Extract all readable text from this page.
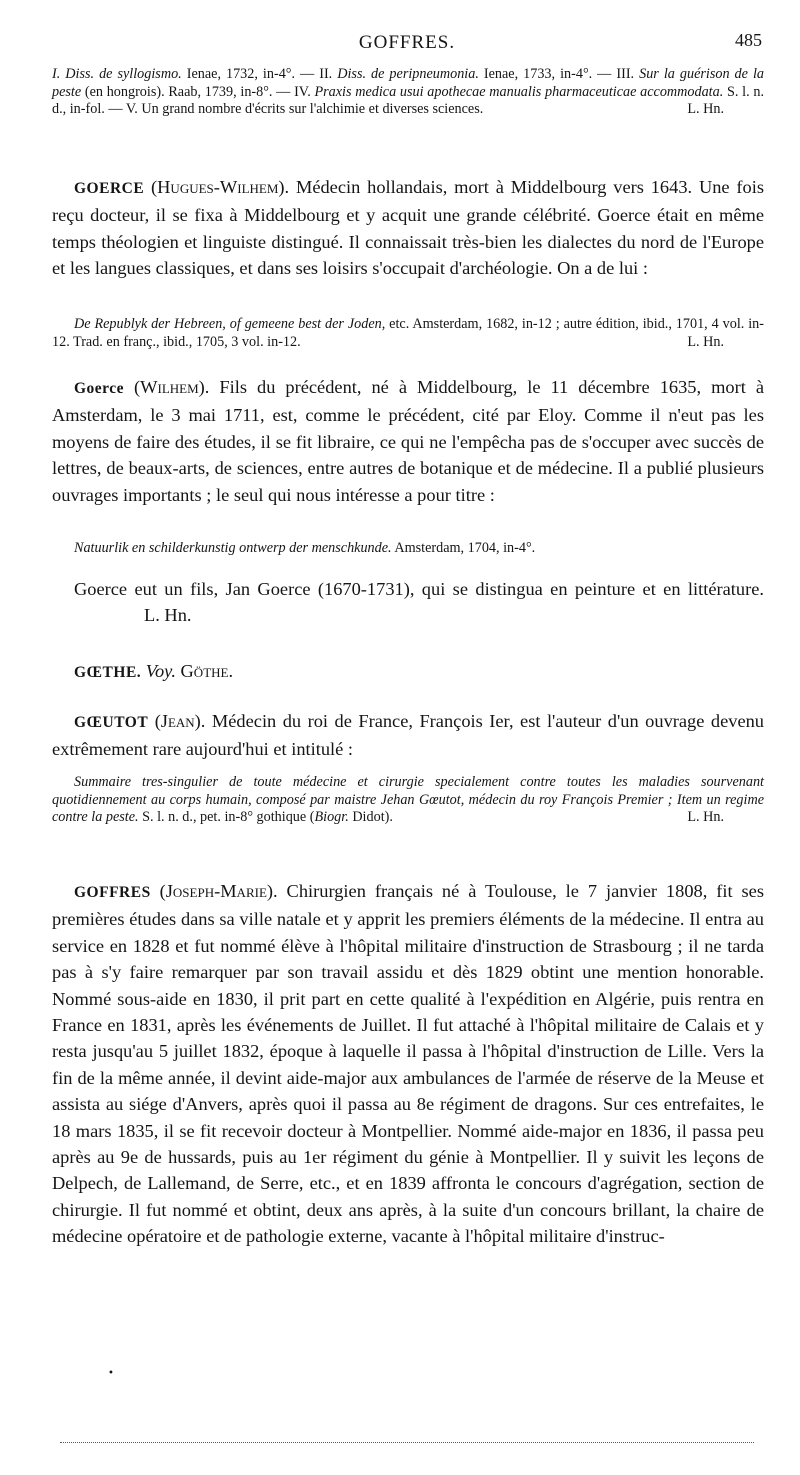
GOFFRES.	485
I. Diss. de syllogismo. Ienae, 1732, in-4°. — II. Diss. de peripneumonia. Ienae, 1733, in-4°. — III. Sur la guérison de la peste (en hongrois). Raab, 1739, in-8°. — IV. Praxis medica usui apothecae manualis pharmaceuticae accommodata. S. l. n. d., in-fol. — V. Un grand nombre d'écrits sur l'alchimie et diverses sciences.	L. Hn.
GOERCE (Hugues-Wilhem). Médecin hollandais, mort à Middelbourg vers 1643. Une fois reçu docteur, il se fixa à Middelbourg et y acquit une grande célébrité. Goerce était en même temps théologien et linguiste distingué. Il connaissait très-bien les dialectes du nord de l'Europe et les langues classiques, et dans ses loisirs s'occupait d'archéologie. On a de lui :
De Republyk der Hebreen, of gemeene best der Joden, etc. Amsterdam, 1682, in-12 ; autre édition, ibid., 1701, 4 vol. in-12. Trad. en franç., ibid., 1705, 3 vol. in-12.	L. Hn.
Goerce (Wilhem). Fils du précédent, né à Middelbourg, le 11 décembre 1635, mort à Amsterdam, le 3 mai 1711, est, comme le précédent, cité par Eloy. Comme il n'eut pas les moyens de faire des études, il se fit libraire, ce qui ne l'empêcha pas de s'occuper avec succès de lettres, de beaux-arts, de sciences, entre autres de botanique et de médecine. Il a publié plusieurs ouvrages importants ; le seul qui nous intéresse a pour titre :
Natuurlik en schilderkunstig ontwerp der menschkunde. Amsterdam, 1704, in-4°.
Goerce eut un fils, Jan Goerce (1670-1731), qui se distingua en peinture et en littérature. L. Hn.
GŒTHE. Voy. Göthe.
GŒUTOT (Jean). Médecin du roi de France, François Ier, est l'auteur d'un ouvrage devenu extrêmement rare aujourd'hui et intitulé :
Summaire tres-singulier de toute médecine et cirurgie specialement contre toutes les maladies sourvenant quotidiennement au corps humain, composé par maistre Jehan Gœutot, médecin du roy François Premier ; Item un regime contre la peste. S. l. n. d., pet. in-8° gothique (Biogr. Didot).	L. Hn.
GOFFRES (Joseph-Marie). Chirurgien français né à Toulouse, le 7 janvier 1808, fit ses premières études dans sa ville natale et y apprit les premiers éléments de la médecine. Il entra au service en 1828 et fut nommé élève à l'hôpital militaire d'instruction de Strasbourg ; il ne tarda pas à s'y faire remarquer par son travail assidu et dès 1829 obtint une mention honorable. Nommé sous-aide en 1830, il prit part en cette qualité à l'expédition en Algérie, puis rentra en France en 1831, après les événements de Juillet. Il fut attaché à l'hôpital militaire de Calais et y resta jusqu'au 5 juillet 1832, époque à laquelle il passa à l'hôpital d'instruction de Lille. Vers la fin de la même année, il devint aide-major aux ambulances de l'armée de réserve de la Meuse et assista au siége d'Anvers, après quoi il passa au 8e régiment de dragons. Sur ces entrefaites, le 18 mars 1835, il se fit recevoir docteur à Montpellier. Nommé aide-major en 1836, il passa peu après au 9e de hussards, puis au 1er régiment du génie à Montpellier. Il y suivit les leçons de Delpech, de Lallemand, de Serre, etc., et en 1839 affronta le concours d'agrégation, section de chirurgie. Il fut nommé et obtint, deux ans après, à la suite d'un concours brillant, la chaire de médecine opératoire et de pathologie externe, vacante à l'hôpital militaire d'instruc-
•
